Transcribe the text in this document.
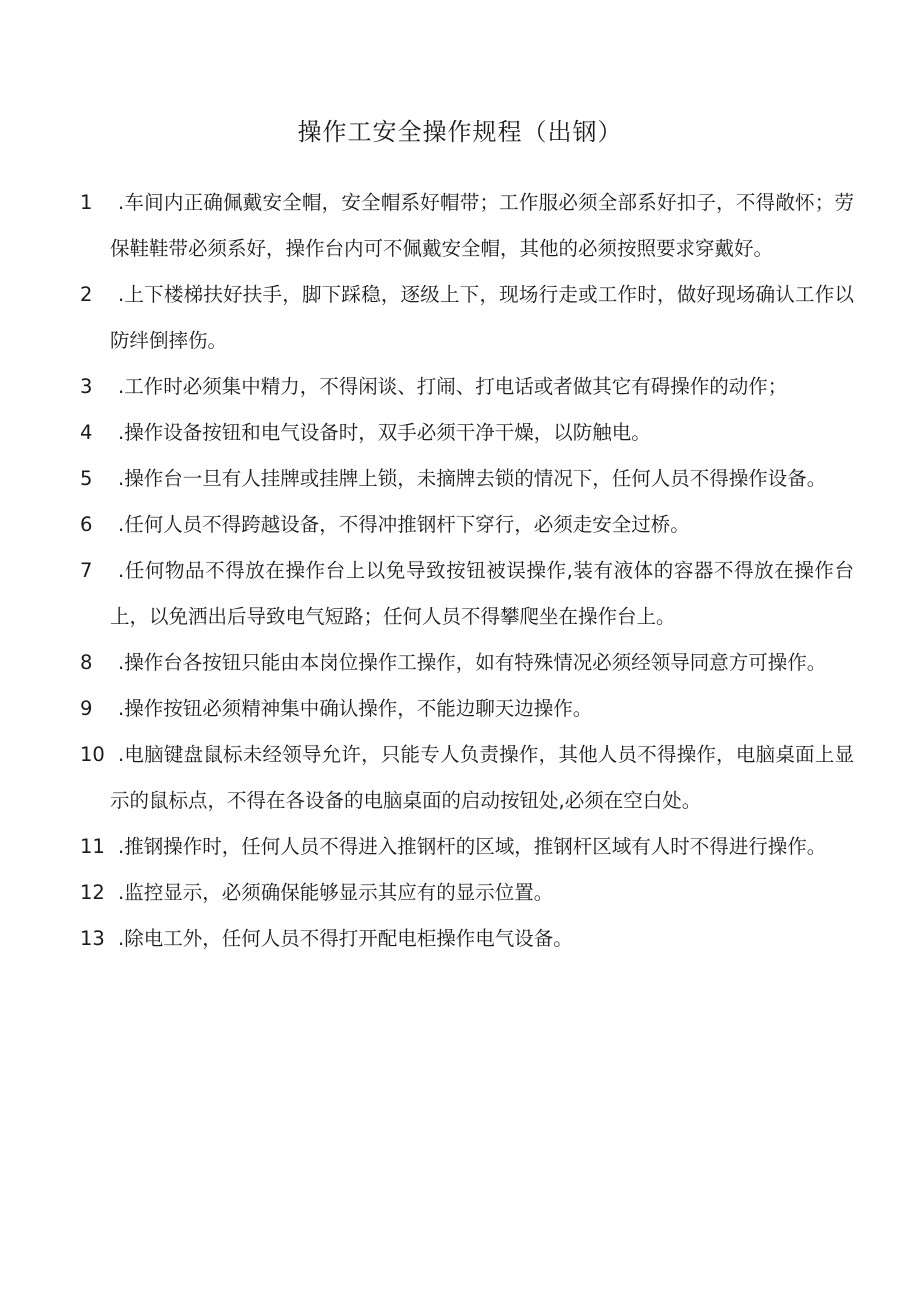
操作工安全操作规程（出钢）
1	.车间内正确佩戴安全帽，安全帽系好帽带；工作服必须全部系好扣子，不得敞怀；劳保鞋鞋带必须系好，操作台内可不佩戴安全帽，其他的必须按照要求穿戴好。
2	.上下楼梯扶好扶手，脚下踩稳，逐级上下，现场行走或工作时，做好现场确认工作以防绊倒摔伤。
3	.工作时必须集中精力，不得闲谈、打闹、打电话或者做其它有碍操作的动作；
4	.操作设备按钮和电气设备时，双手必须干净干燥，以防触电。
5	.操作台一旦有人挂牌或挂牌上锁，未摘牌去锁的情况下，任何人员不得操作设备。
6	.任何人员不得跨越设备，不得冲推钢杆下穿行，必须走安全过桥。
7	.任何物品不得放在操作台上以免导致按钮被误操作,装有液体的容器不得放在操作台上，以免洒出后导致电气短路；任何人员不得攀爬坐在操作台上。
8	.操作台各按钮只能由本岗位操作工操作，如有特殊情况必须经领导同意方可操作。
9	.操作按钮必须精神集中确认操作，不能边聊天边操作。
10 .电脑键盘鼠标未经领导允许，只能专人负责操作，其他人员不得操作，电脑桌面上显示的鼠标点，不得在各设备的电脑桌面的启动按钮处,必须在空白处。
11 .推钢操作时，任何人员不得进入推钢杆的区域，推钢杆区域有人时不得进行操作。
12 .监控显示，必须确保能够显示其应有的显示位置。
13 .除电工外，任何人员不得打开配电柜操作电气设备。
